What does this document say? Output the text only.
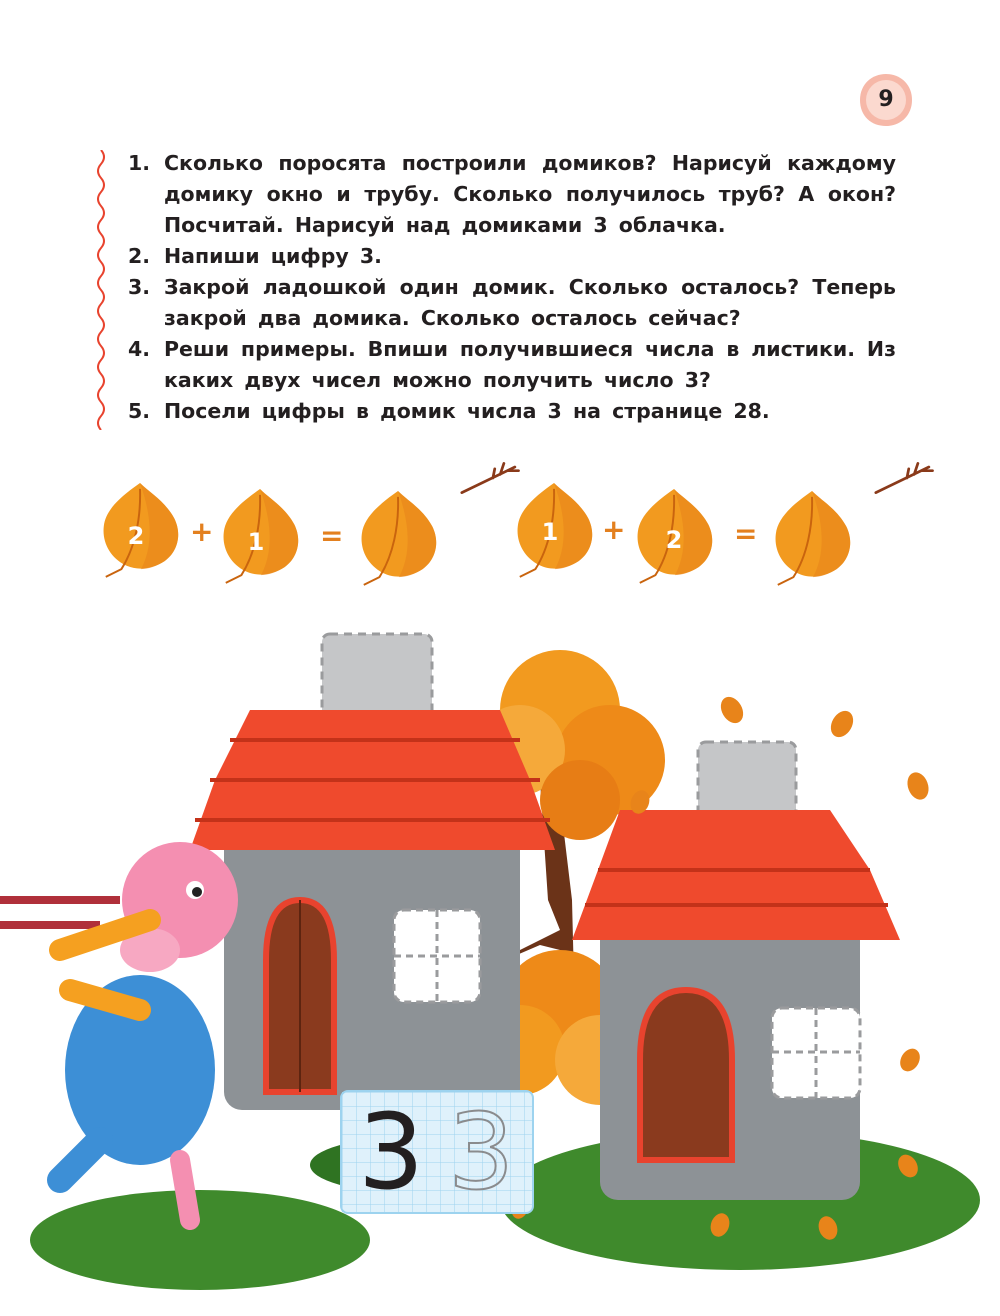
9
1. Сколько поросята построили домиков? Нарисуй каждому домику окно и трубу. Сколько получилось труб? А окон? Посчитай. Нарисуй над домиками 3 облачка.
2. Напиши цифру 3.
3. Закрой ладошкой один домик. Сколько осталось? Теперь закрой два домика. Сколько осталось сейчас?
4. Реши примеры. Впиши получившиеся числа в листики. Из каких двух чисел можно получить число 3?
5. Посели цифры в домик числа 3 на странице 28.
2	+	1	=	1	+	2	=
3 3
